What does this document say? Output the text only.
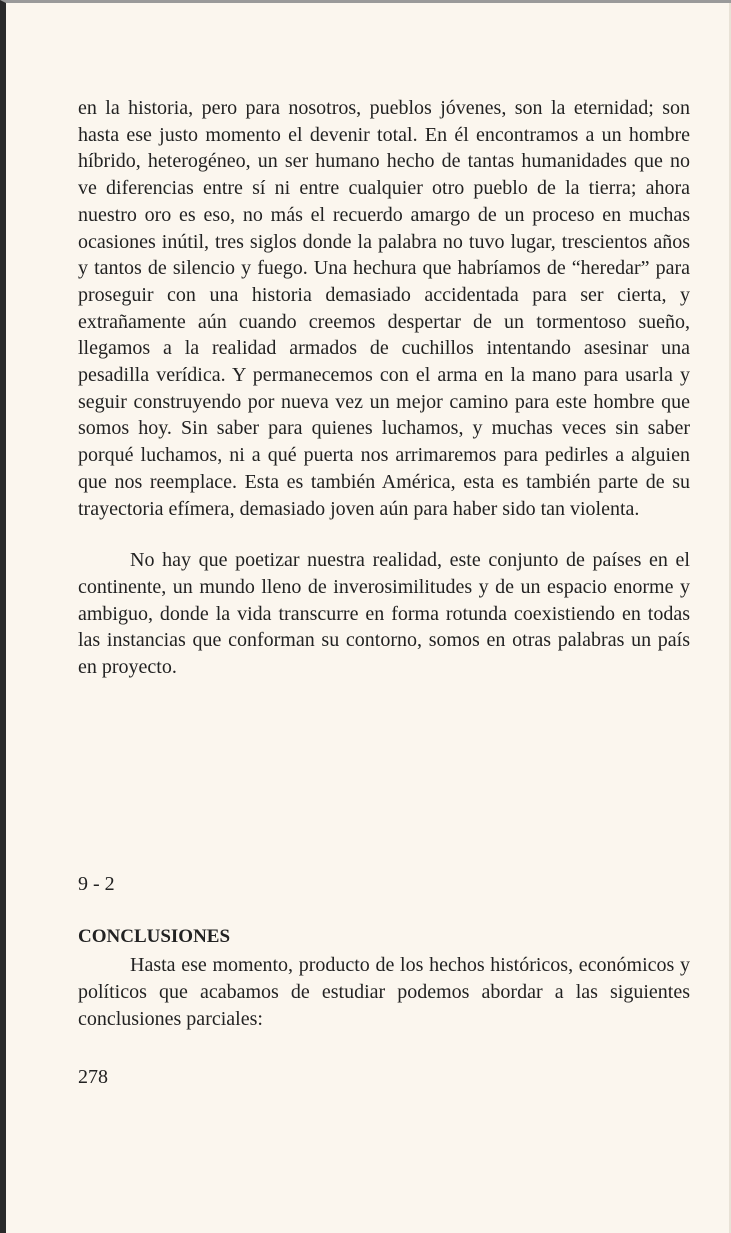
en la historia, pero para nosotros, pueblos jóvenes, son la eternidad; son hasta ese justo momento el devenir total. En él encontramos a un hombre híbrido, heterogéneo, un ser humano hecho de tantas humanidades que no ve diferencias entre sí ni entre cualquier otro pueblo de la tierra; ahora nuestro oro es eso, no más el recuerdo amargo de un proceso en muchas ocasiones inútil, tres siglos donde la palabra no tuvo lugar, trescientos años y tantos de silencio y fuego. Una hechura que habríamos de “heredar” para proseguir con una historia demasiado accidentada para ser cierta, y extrañamente aún cuando creemos despertar de un tormentoso sueño, llegamos a la realidad armados de cuchillos intentando asesinar una pesadilla verídica. Y permanecemos con el arma en la mano para usarla y seguir construyendo por nueva vez un mejor camino para este hombre que somos hoy. Sin saber para quienes luchamos, y muchas veces sin saber porqué luchamos, ni a qué puerta nos arrimaremos para pedirles a alguien que nos reemplace. Esta es también América, esta es también parte de su trayectoria efímera, demasiado joven aún para haber sido tan violenta.

No hay que poetizar nuestra realidad, este conjunto de países en el continente, un mundo lleno de inverosimilitudes y de un espacio enorme y ambiguo, donde la vida transcurre en forma rotunda coexistiendo en todas las instancias que conforman su contorno, somos en otras palabras un país en proyecto.

9 - 2
CONCLUSIONES

Hasta ese momento, producto de los hechos históricos, económicos y políticos que acabamos de estudiar podemos abordar a las siguientes conclusiones parciales:

278
